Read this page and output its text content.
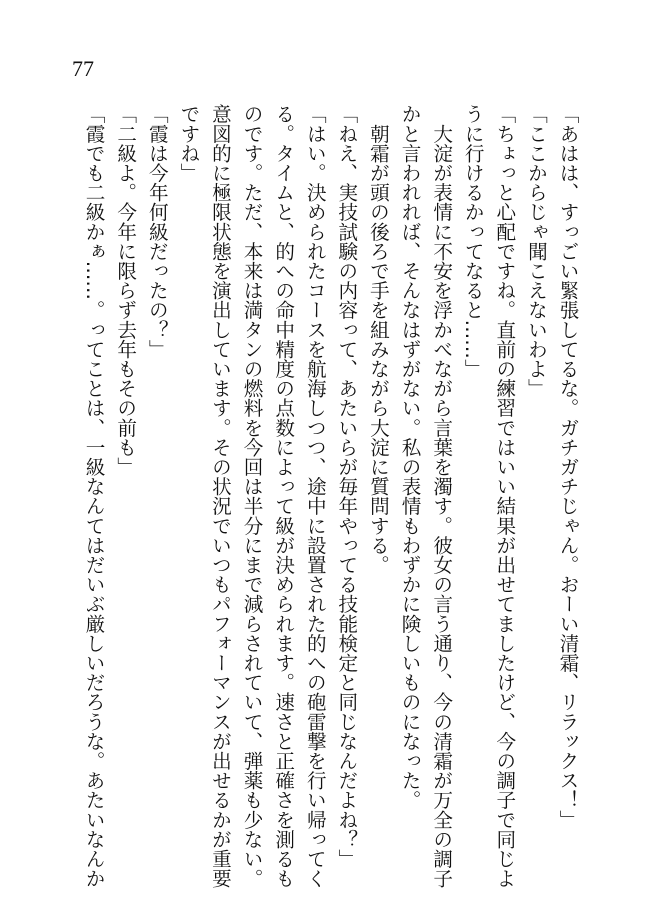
77
「あはは、すっごい緊張してるな。ガチガチじゃん。おーい清霜、リラックス！」
「ここからじゃ聞こえないわよ」
「ちょっと心配ですね。直前の練習ではいい結果が出せてましたけど、今の調子で同じよ
うに行けるかってなると……」
　大淀が表情に不安を浮かべながら言葉を濁す。彼女の言う通り、今の清霜が万全の調子
かと言われれば、そんなはずがない。私の表情もわずかに険しいものになった。
　朝霜が頭の後ろで手を組みながら大淀に質問する。
「ねえ、実技試験の内容って、あたいらが毎年やってる技能検定と同じなんだよね？」
「はい。決められたコースを航海しつつ、途中に設置された的への砲雷撃を行い帰ってく
る。タイムと、的への命中精度の点数によって級が決められます。速さと正確さを測るも
のです。ただ、本来は満タンの燃料を今回は半分にまで減らされていて、弾薬も少ない。
意図的に極限状態を演出しています。その状況でいつもパフォーマンスが出せるかが重要
ですね」
「霞は今年何級だったの？」
「二級よ。今年に限らず去年もその前も」
「霞でも二級かぁ……。ってことは、一級なんてはだいぶ厳しいだろうな。あたいなんか
